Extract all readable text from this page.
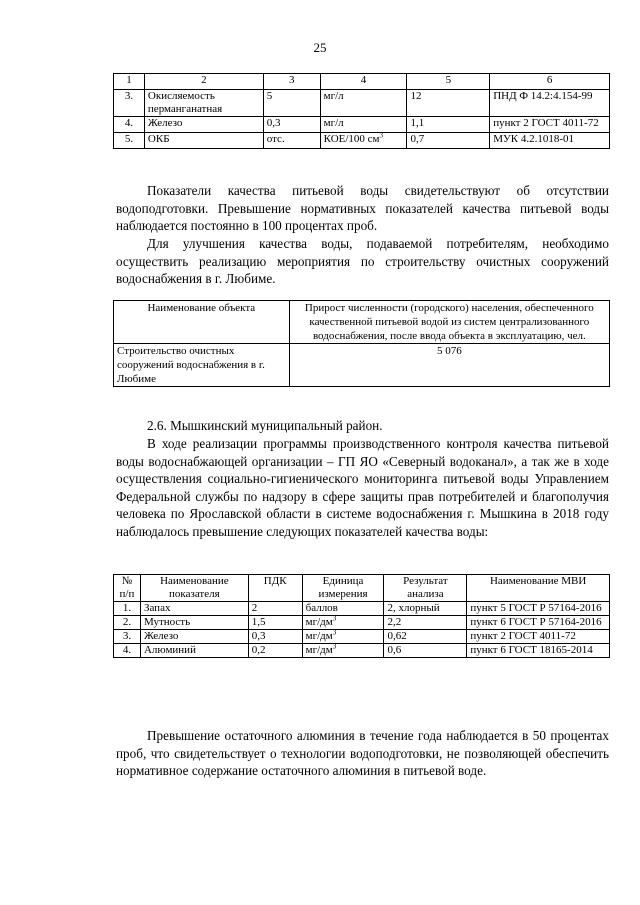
25
1	2	3	4	5	6
3.	Окисляемость перманганатная	5	мг/л	12	ПНД Ф 14.2:4.154-99
4.	Железо	0,3	мг/л	1,1	пункт 2 ГОСТ 4011-72
5.	ОКБ	отс.	КОЕ/100 $см^3$	0,7	МУК 4.2.1018-01

Показатели качества питьевой воды свидетельствуют об отсутствии водоподготовки. Превышение нормативных показателей качества питьевой воды наблюдается постоянно в 100 процентах проб.

Для улучшения качества воды, подаваемой потребителям, необходимо осуществить реализацию мероприятия по строительству очистных сооружений водоснабжения в г. Любиме.

Наименование объекта	Прирост численности (городского) населения, обеспеченного качественной питьевой водой из систем централизованного водоснабжения, после ввода объекта в эксплуатацию, чел.
Строительство очистных сооружений водоснабжения в г. Любиме	5 076

2.6. Мышкинский муниципальный район.

В ходе реализации программы производственного контроля качества питьевой воды водоснабжающей организации – ГП ЯО «Северный водоканал», а так же в ходе осуществления социально-гигиенического мониторинга питьевой воды Управлением Федеральной службы по надзору в сфере защиты прав потребителей и благополучия человека по Ярославской области в системе водоснабжения г. Мышкина в 2018 году наблюдалось превышение следующих показателей качества воды:

№ п/п	Наименование показателя	ПДК	Единица измерения	Результат анализа	Наименование МВИ
1.	Запах	2	баллов	2, хлорный	пункт 5 ГОСТ Р 57164-2016
2.	Мутность	1,5	$мг/дм^3$	2,2	пункт 6 ГОСТ Р 57164-2016
3.	Железо	0,3	$мг/дм^3$	0,62	пункт 2 ГОСТ 4011-72
4.	Алюминий	0,2	$мг/дм^3$	0,6	пункт 6 ГОСТ 18165-2014

Превышение остаточного алюминия в течение года наблюдается в 50 процентах проб, что свидетельствует о технологии водоподготовки, не позволяющей обеспечить нормативное содержание остаточного алюминия в питьевой воде.
